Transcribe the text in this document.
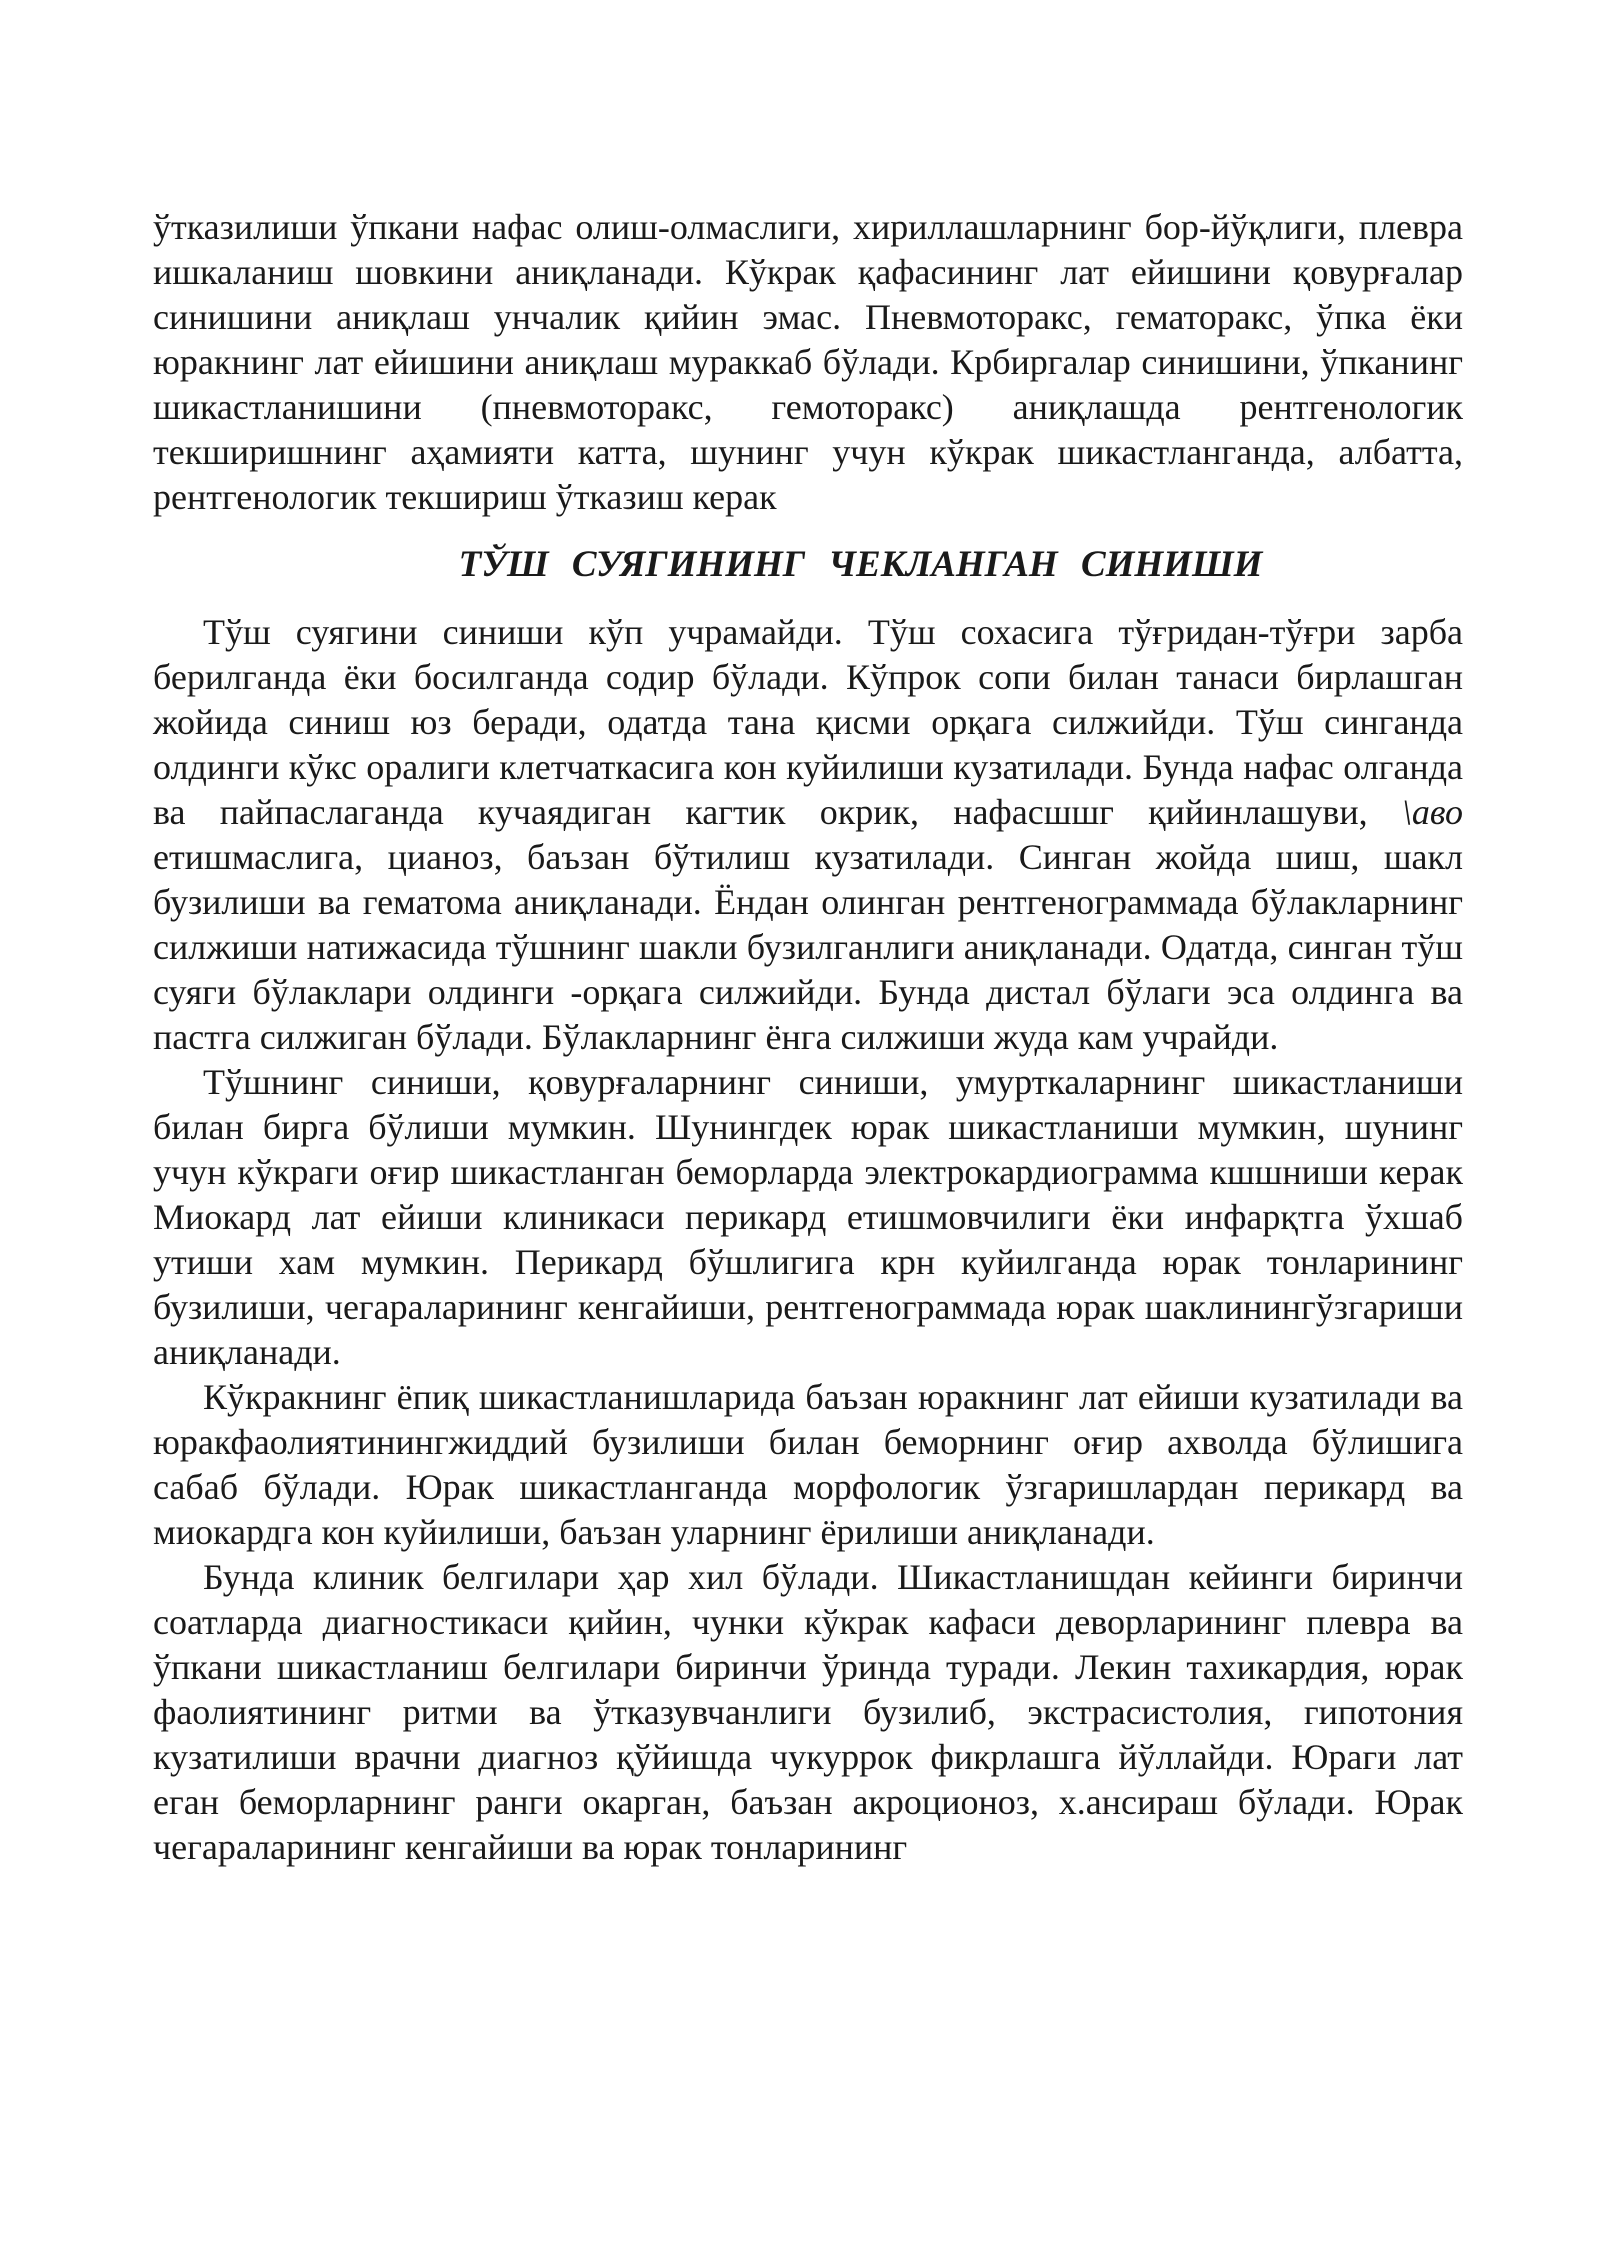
ўтказилиши ўпкани нафас олиш-олмаслиги, хириллашларнинг бор-йўқлиги, плевра ишкаланиш шовкини аниқланади. Кўкрак қафасининг лат ейишини қовурғалар синишини аниқлаш унчалик қийин эмас. Пневмоторакс, гематоракс, ўпка ёки юракнинг лат ейишини аниқлаш мураккаб бўлади. Крбиргалар синишини, ўпканинг шикастланишини (пневмоторакс, гемоторакс) аниқлашда рентгенологик текширишнинг аҳамияти катта, шунинг учун кўкрак шикастланганда, албатта, рентгенологик текшириш ўтказиш керак

ТЎШ СУЯГИНИНГ ЧЕКЛАНГАН СИНИШИ

Тўш суягини синиши кўп учрамайди. Тўш сохасига тўғридан-тўғри зарба берилганда ёки босилганда содир бўлади. Кўпрок сопи билан танаси бирлашган жойида синиш юз беради, одатда тана қисми орқага силжийди. Тўш сингандa олдинги кўкс оралиги клетчаткасига кон куйилиши кузатилади. Бунда нафас олганда ва пайпаслаганда кучаядиган кагтик окрик, нафасшшг қийинлашуви, \аво етишмаслига, цианоз, баъзан бўтилиш кузатилади. Синган жойда шиш, шакл бузилиши ва гематома аниқланади. Ёндан олинган рентгенограммада бўлакларнинг силжиши натижасида тўшнинг шакли бузилганлиги аниқланади. Одатда, синган тўш суяги бўлаклари олдинги -орқага силжийди. Бунда дистал бўлаги эса олдинга ва пастга силжиган бўлади. Бўлакларнинг ёнга силжиши жуда кам учрайди.

Тўшнинг синиши, қовурғаларнинг синиши, умурткаларнинг шикастланиши билан бирга бўлиши мумкин. Шунингдек юрак шикастланиши мумкин, шунинг учун кўкраги оғир шикастланган беморларда электрокардиограмма кшшниши керак Миокард лат ейиши клиникаси перикард етишмовчилиги ёки инфарқтга ўхшаб утиши хам мумкин. Перикард бўшлигига крн куйилганда юрак тонларининг бузилиши, чегараларининг кенгайиши, рентгенограммада юрак шаклинингўзгариши аниқланади.

Кўкракнинг ёпиқ шикастланишларида баъзан юракнинг лат ейиши кузатилади ва юракфаолиятинингжиддий бузилиши билан беморнинг оғир ахволда бўлишига сабаб бўлади. Юрак шикастланганда морфологик ўзгаришлардан перикард ва миокардга кон куйилиши, баъзан уларнинг ёрилиши аниқланади.

Бунда клиник белгилари ҳар хил бўлади. Шикастланишдан кейинги биринчи соатларда диагностикаси қийин, чунки кўкрак кафаси деворларининг плевра ва ўпкани шикастланиш белгилари биринчи ўринда туради. Лекин тахикардия, юрак фаолиятининг ритми ва ўтказувчанлиги бузилиб, экстрасистолия, гипотония кузатилиши врачни диагноз қўйишда чукуррок фикрлашга йўллайди. Юраги лат еган беморларнинг ранги окарган, баъзан акроционоз, х.ансираш бўлади. Юрак чегараларининг кенгайиши ва юрак тонларининг
